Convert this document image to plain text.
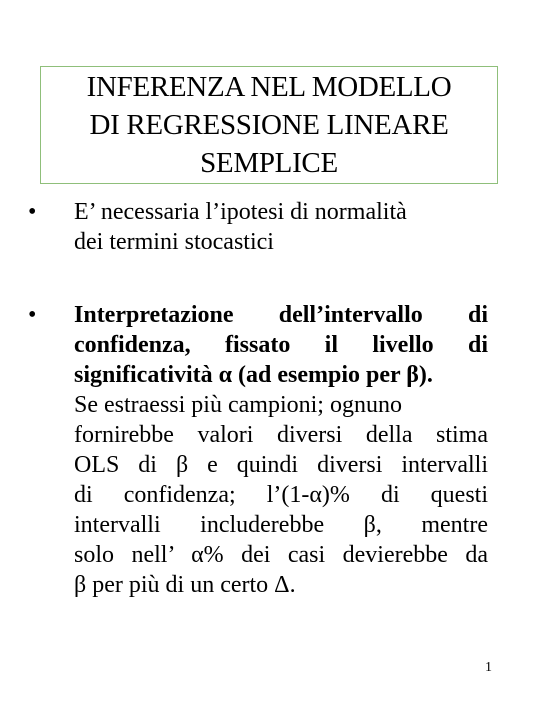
INFERENZA NEL MODELLO
DI REGRESSIONE LINEARE
SEMPLICE
•	E’ necessaria l’ipotesi di normalità
dei termini stocastici
•	Interpretazione dell’intervallo di
confidenza, fissato il livello di
significatività α (ad esempio per β).
Se estraessi più campioni; ognuno
fornirebbe valori diversi della stima
OLS di β e quindi diversi intervalli
di confidenza; l’(1-α)% di questi
intervalli includerebbe β, mentre
solo nell’ α% dei casi devierebbe da
β per più di un certo Δ.
1
